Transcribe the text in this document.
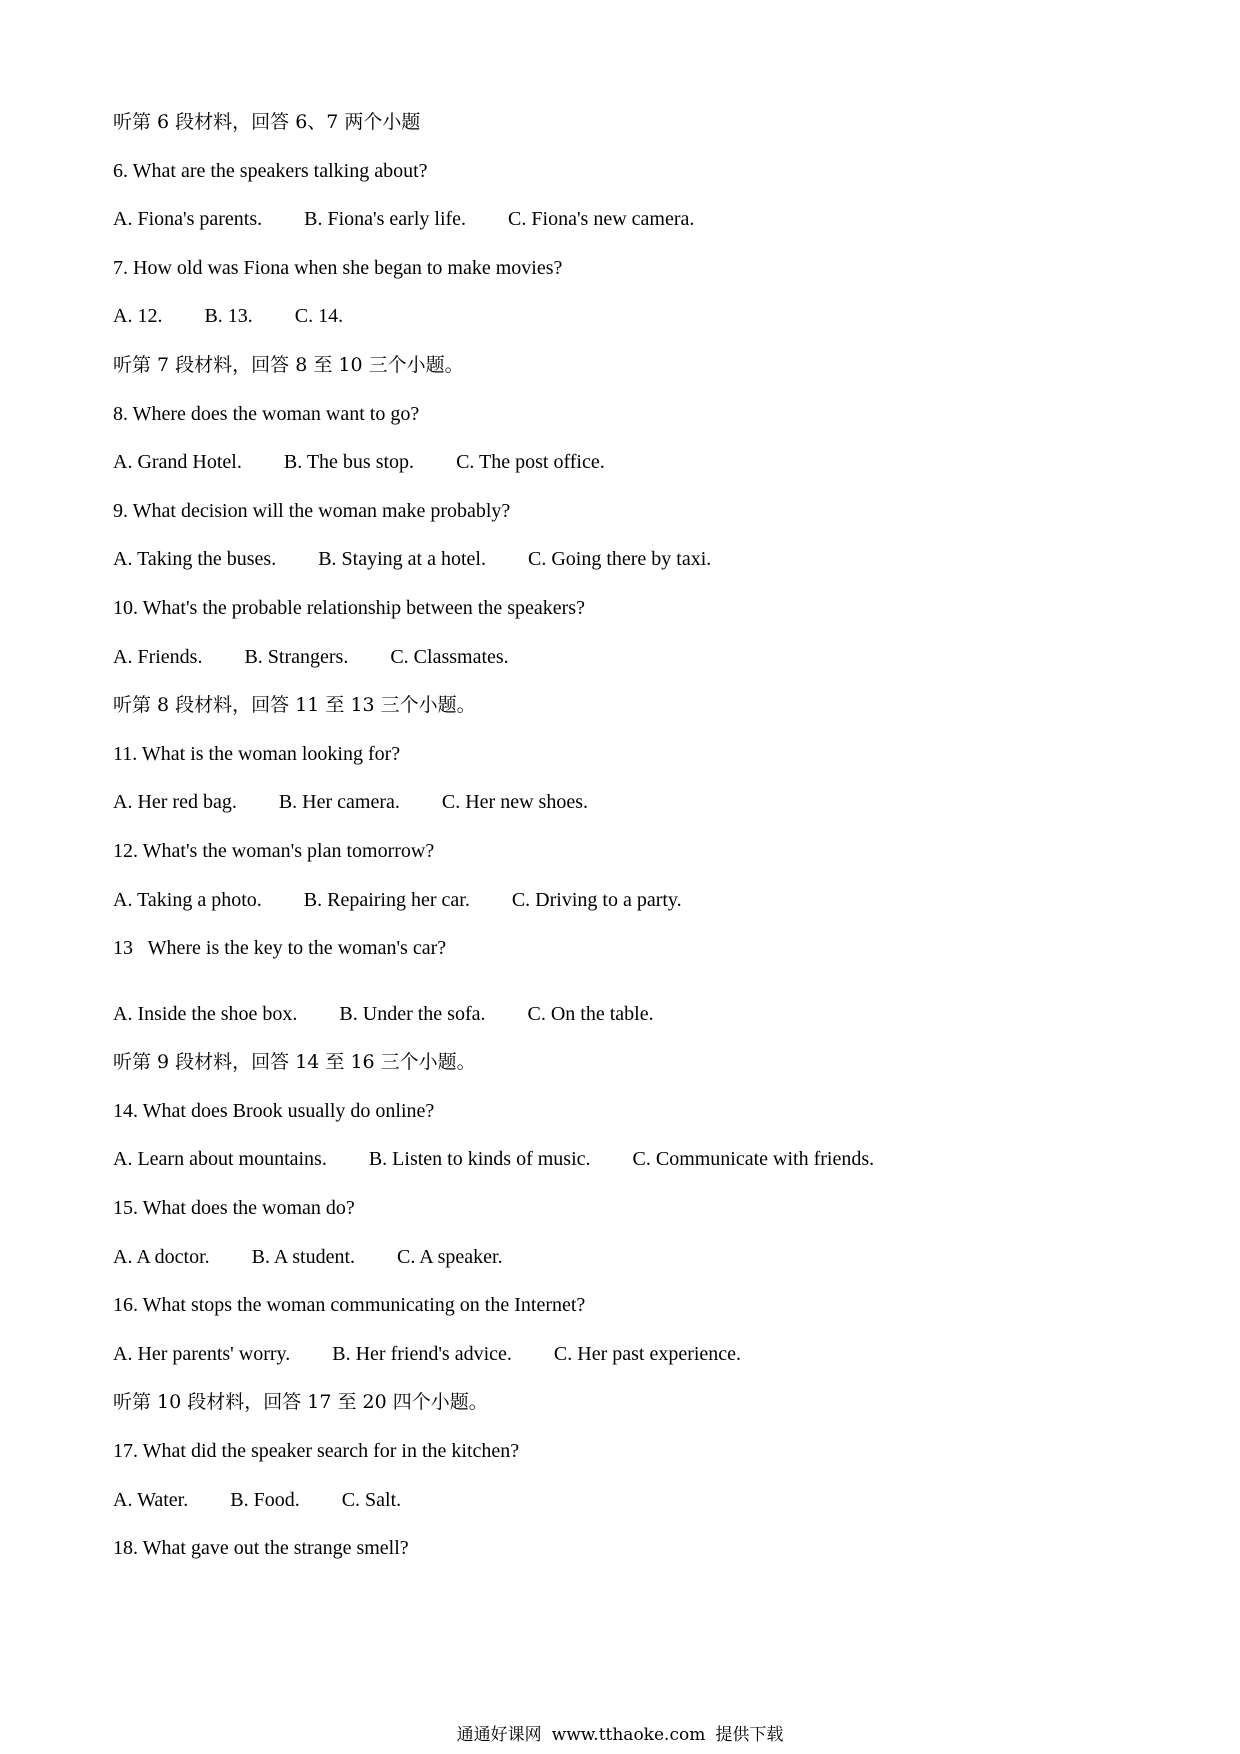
听第 6 段材料，回答 6、7 两个小题
6. What are the speakers talking about?
A. Fiona's parents. B. Fiona's early life. C. Fiona's new camera.
7. How old was Fiona when she began to make movies?
A. 12. B. 13. C. 14.
听第 7 段材料，回答 8 至 10 三个小题。
8. Where does the woman want to go?
A. Grand Hotel. B. The bus stop. C. The post office.
9. What decision will the woman make probably?
A. Taking the buses. B. Staying at a hotel. C. Going there by taxi.
10. What's the probable relationship between the speakers?
A. Friends. B. Strangers. C. Classmates.
听第 8 段材料，回答 11 至 13 三个小题。
11. What is the woman looking for?
A. Her red bag. B. Her camera. C. Her new shoes.
12. What's the woman's plan tomorrow?
A. Taking a photo. B. Repairing her car. C. Driving to a party.
13   Where is the key to the woman's car?
A. Inside the shoe box. B. Under the sofa. C. On the table.
听第 9 段材料，回答 14 至 16 三个小题。
14. What does Brook usually do online?
A. Learn about mountains. B. Listen to kinds of music. C. Communicate with friends.
15. What does the woman do?
A. A doctor. B. A student. C. A speaker.
16. What stops the woman communicating on the Internet?
A. Her parents' worry. B. Her friend's advice. C. Her past experience.
听第 10 段材料，回答 17 至 20 四个小题。
17. What did the speaker search for in the kitchen?
A. Water. B. Food. C. Salt.
18. What gave out the strange smell?
通通好课网 www.tthaoke.com 提供下载
